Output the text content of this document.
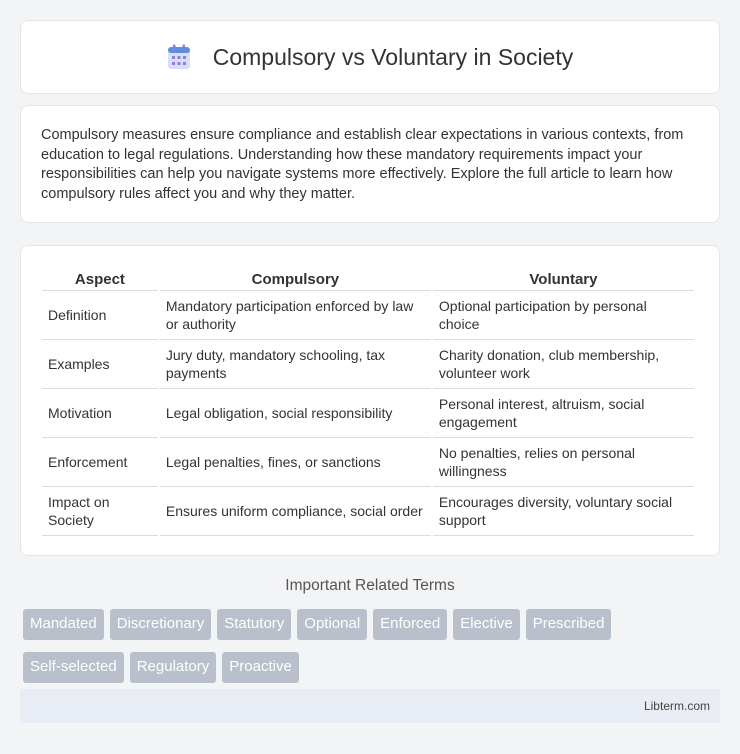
Compulsory vs Voluntary in Society

Compulsory measures ensure compliance and establish clear expectations in various contexts, from education to legal regulations. Understanding how these mandatory requirements impact your responsibilities can help you navigate systems more effectively. Explore the full article to learn how compulsory rules affect you and why they matter.

Aspect	Compulsory	Voluntary
Definition	Mandatory participation enforced by law or authority	Optional participation by personal choice
Examples	Jury duty, mandatory schooling, tax payments	Charity donation, club membership, volunteer work
Motivation	Legal obligation, social responsibility	Personal interest, altruism, social engagement
Enforcement	Legal penalties, fines, or sanctions	No penalties, relies on personal willingness
Impact on Society	Ensures uniform compliance, social order	Encourages diversity, voluntary social support
Important Related Terms
Mandated	Discretionary	Statutory	Optional	Enforced	Elective	Prescribed
Self-selected	Regulatory	Proactive
Libterm.com
